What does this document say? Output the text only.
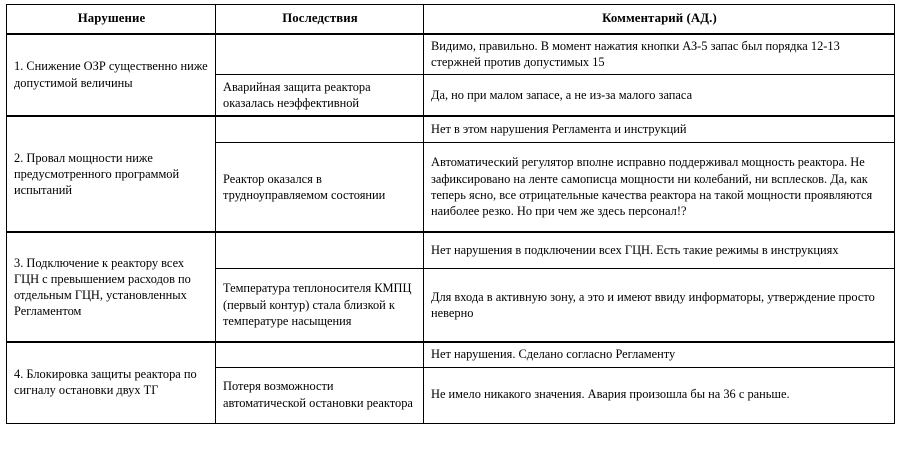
Нарушение	Последствия	Комментарий (АД.)
1. Снижение ОЗР существенно ниже допустимой величины		Видимо, правильно. В момент нажатия кнопки АЗ-5 запас был порядка 12-13 стержней против допустимых 15
	Аварийная защита реактора оказалась неэффективной	Да, но при малом запасе, а не из-за малого запаса
2. Провал мощности ниже предусмотренного программой испытаний		Нет в этом нарушения Регламента и инструкций
	Реактор оказался в трудноуправляемом состоянии	Автоматический регулятор вполне исправно поддерживал мощность реактора. Не зафиксировано на ленте самописца мощности ни колебаний, ни всплесков. Да, как теперь ясно, все отрицательные качества реактора на такой мощности проявляются наиболее резко. Но при чем же здесь персонал!?
3. Подключение к реактору всех ГЦН с превышением расходов по отдельным ГЦН, установленных Регламентом		Нет нарушения в подключении всех ГЦН. Есть такие режимы в инструкциях
	Температура теплоносителя КМПЦ (первый контур) стала близкой к температуре насыщения	Для входа в активную зону, а это и имеют ввиду информаторы, утверждение просто неверно
4. Блокировка защиты реактора по сигналу остановки двух ТГ		Нет нарушения. Сделано согласно Регламенту
	Потеря возможности автоматической остановки реактора	Не имело никакого значения. Авария произошла бы на 36 с раньше.
